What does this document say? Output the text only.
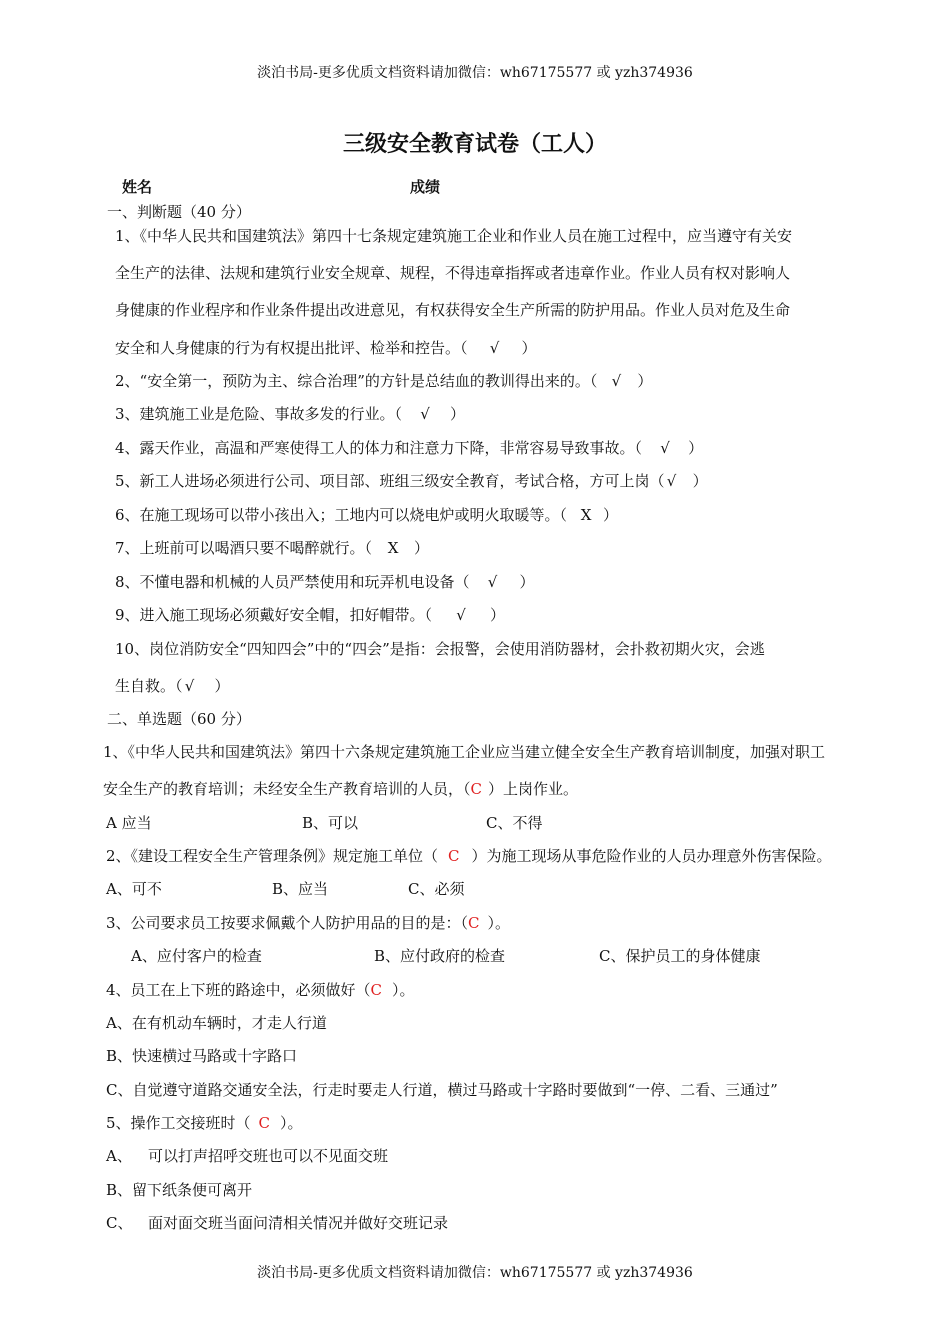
淡泊书局-更多优质文档资料请加微信：wh67175577 或 yzh374936
三级安全教育试卷（工人）
姓名	成绩
一、判断题（40 分）
1、《中华人民共和国建筑法》第四十七条规定建筑施工企业和作业人员在施工过程中，应当遵守有关安
全生产的法律、法规和建筑行业安全规章、规程，不得违章指挥或者违章作业。作业人员有权对影响人
身健康的作业程序和作业条件提出改进意见，有权获得安全生产所需的防护用品。作业人员对危及生命
安全和人身健康的行为有权提出批评、检举和控告。（ √ ）
2、“安全第一，预防为主、综合治理”的方针是总结血的教训得出来的。（ √ ）
3、建筑施工业是危险、事故多发的行业。（ √ ）
4、露天作业，高温和严寒使得工人的体力和注意力下降，非常容易导致事故。（ √ ）
5、新工人进场必须进行公司、项目部、班组三级安全教育，考试合格，方可上岗（ √ ）
6、在施工现场可以带小孩出入；工地内可以烧电炉或明火取暖等。（ X ）
7、上班前可以喝酒只要不喝醉就行。（ X ）
8、不懂电器和机械的人员严禁使用和玩弄机电设备（ √ ）
9、进入施工现场必须戴好安全帽，扣好帽带。（ √ ）
10、岗位消防安全“四知四会”中的“四会”是指：会报警，会使用消防器材，会扑救初期火灾，会逃
生自救。（ √ ）
二、单选题（60 分）
1、《中华人民共和国建筑法》第四十六条规定建筑施工企业应当建立健全安全生产教育培训制度，加强对职工
安全生产的教育培训；未经安全生产教育培训的人员，（C ）上岗作业。
A 应当	B、可以	C、不得
2、《建设工程安全生产管理条例》规定施工单位（ C ）为施工现场从事危险作业的人员办理意外伤害保险。
A、可不	B、应当	C、必须
3、公司要求员工按要求佩戴个人防护用品的目的是：（C ）。
A、应付客户的检查	B、应付政府的检查	C、保护员工的身体健康
4、员工在上下班的路途中，必须做好（C ）。
A、在有机动车辆时，才走人行道
B、快速横过马路或十字路口
C、自觉遵守道路交通安全法，行走时要走人行道，横过马路或十字路时要做到“一停、二看、三通过”
5、操作工交接班时（ C ）。
A、 可以打声招呼交班也可以不见面交班
B、留下纸条便可离开
C、 面对面交班当面问清相关情况并做好交班记录
淡泊书局-更多优质文档资料请加微信：wh67175577 或 yzh374936
